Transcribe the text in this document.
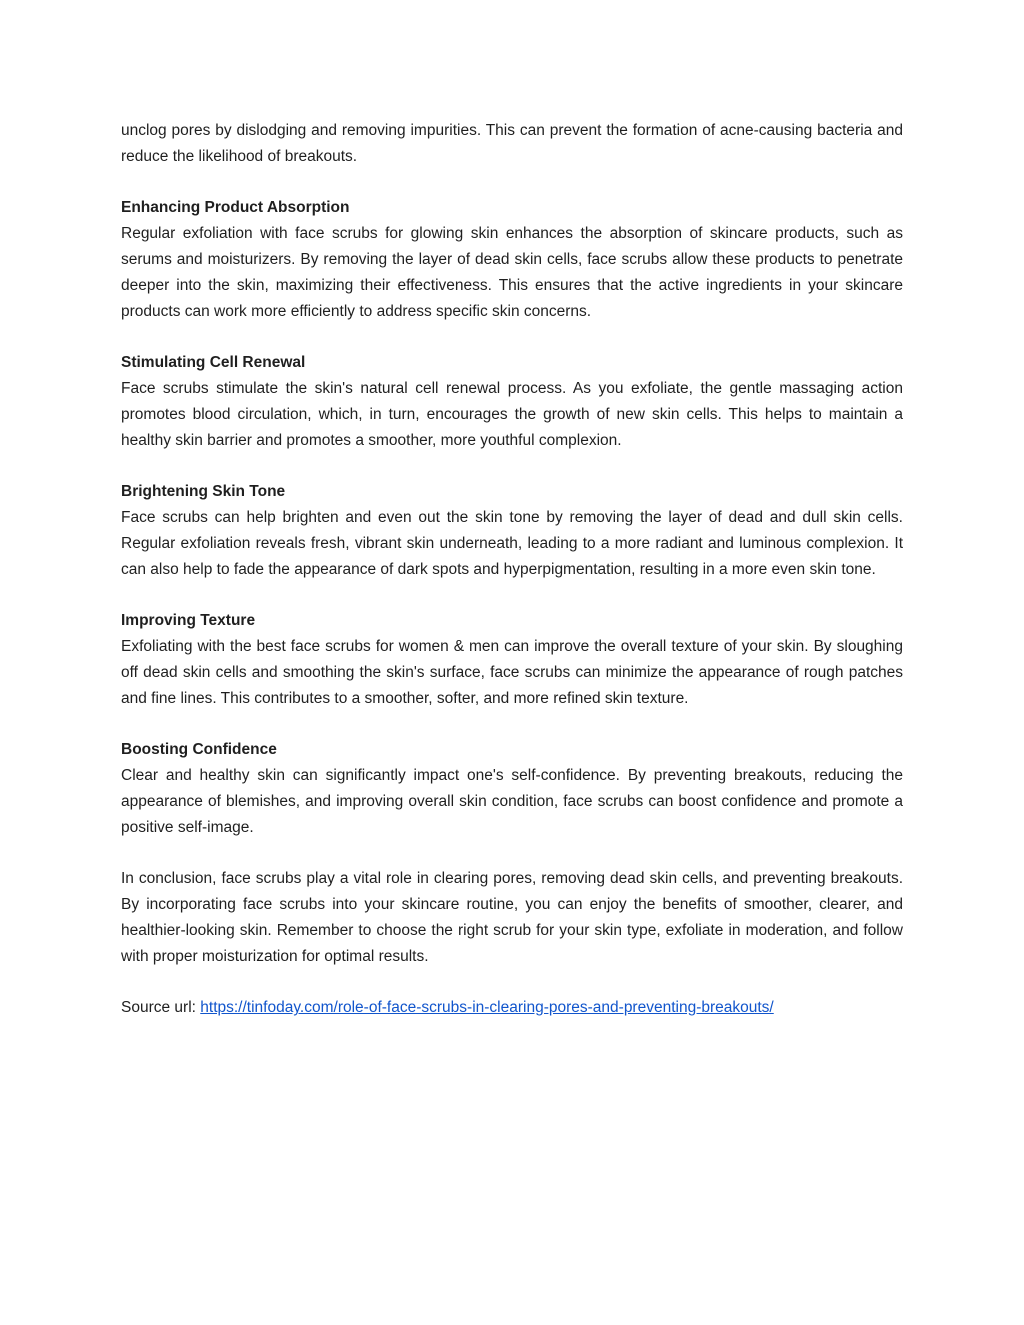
unclog pores by dislodging and removing impurities. This can prevent the formation of acne-causing bacteria and reduce the likelihood of breakouts.

Enhancing Product Absorption

Regular exfoliation with face scrubs for glowing skin enhances the absorption of skincare products, such as serums and moisturizers. By removing the layer of dead skin cells, face scrubs allow these products to penetrate deeper into the skin, maximizing their effectiveness. This ensures that the active ingredients in your skincare products can work more efficiently to address specific skin concerns.

Stimulating Cell Renewal

Face scrubs stimulate the skin's natural cell renewal process. As you exfoliate, the gentle massaging action promotes blood circulation, which, in turn, encourages the growth of new skin cells. This helps to maintain a healthy skin barrier and promotes a smoother, more youthful complexion.

Brightening Skin Tone

Face scrubs can help brighten and even out the skin tone by removing the layer of dead and dull skin cells. Regular exfoliation reveals fresh, vibrant skin underneath, leading to a more radiant and luminous complexion. It can also help to fade the appearance of dark spots and hyperpigmentation, resulting in a more even skin tone.

Improving Texture

Exfoliating with the best face scrubs for women & men can improve the overall texture of your skin. By sloughing off dead skin cells and smoothing the skin's surface, face scrubs can minimize the appearance of rough patches and fine lines. This contributes to a smoother, softer, and more refined skin texture.

Boosting Confidence

Clear and healthy skin can significantly impact one's self-confidence. By preventing breakouts, reducing the appearance of blemishes, and improving overall skin condition, face scrubs can boost confidence and promote a positive self-image.

In conclusion, face scrubs play a vital role in clearing pores, removing dead skin cells, and preventing breakouts. By incorporating face scrubs into your skincare routine, you can enjoy the benefits of smoother, clearer, and healthier-looking skin. Remember to choose the right scrub for your skin type, exfoliate in moderation, and follow with proper moisturization for optimal results.

Source url: https://tinfoday.com/role-of-face-scrubs-in-clearing-pores-and-preventing-breakouts/
